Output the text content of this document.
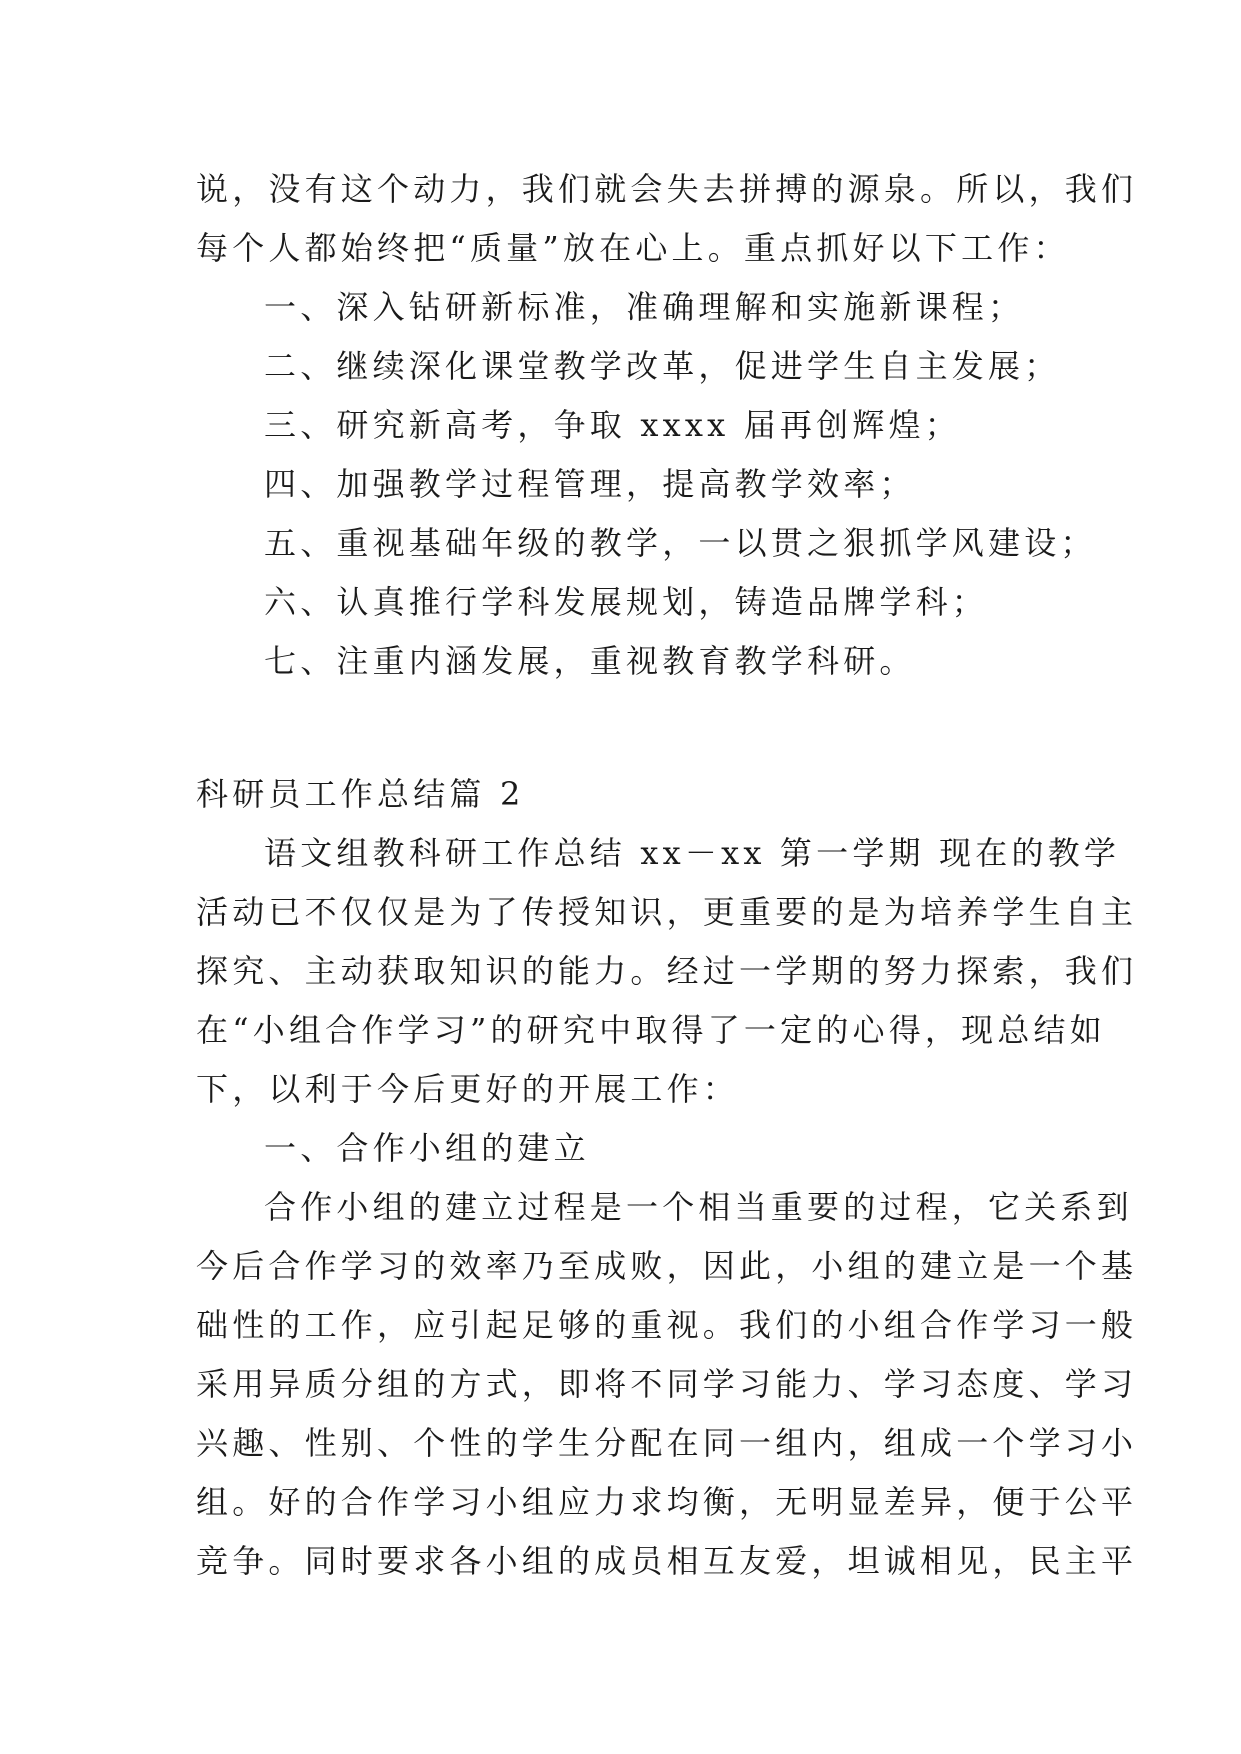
说，没有这个动力，我们就会失去拼搏的源泉。所以，我们
每个人都始终把“质量”放在心上。重点抓好以下工作：
一、深入钻研新标准，准确理解和实施新课程；
二、继续深化课堂教学改革，促进学生自主发展；
三、研究新高考，争取 xxxx 届再创辉煌；
四、加强教学过程管理，提高教学效率；
五、重视基础年级的教学，一以贯之狠抓学风建设；
六、认真推行学科发展规划，铸造品牌学科；
七、注重内涵发展，重视教育教学科研。
科研员工作总结篇 2
语文组教科研工作总结 xx－xx 第一学期 现在的教学
活动已不仅仅是为了传授知识，更重要的是为培养学生自主
探究、主动获取知识的能力。经过一学期的努力探索，我们
在“小组合作学习”的研究中取得了一定的心得，现总结如
下，以利于今后更好的开展工作：
一、合作小组的建立
合作小组的建立过程是一个相当重要的过程，它关系到
今后合作学习的效率乃至成败，因此，小组的建立是一个基
础性的工作，应引起足够的重视。我们的小组合作学习一般
采用异质分组的方式，即将不同学习能力、学习态度、学习
兴趣、性别、个性的学生分配在同一组内，组成一个学习小
组。好的合作学习小组应力求均衡，无明显差异，便于公平
竞争。同时要求各小组的成员相互友爱，坦诚相见，民主平
